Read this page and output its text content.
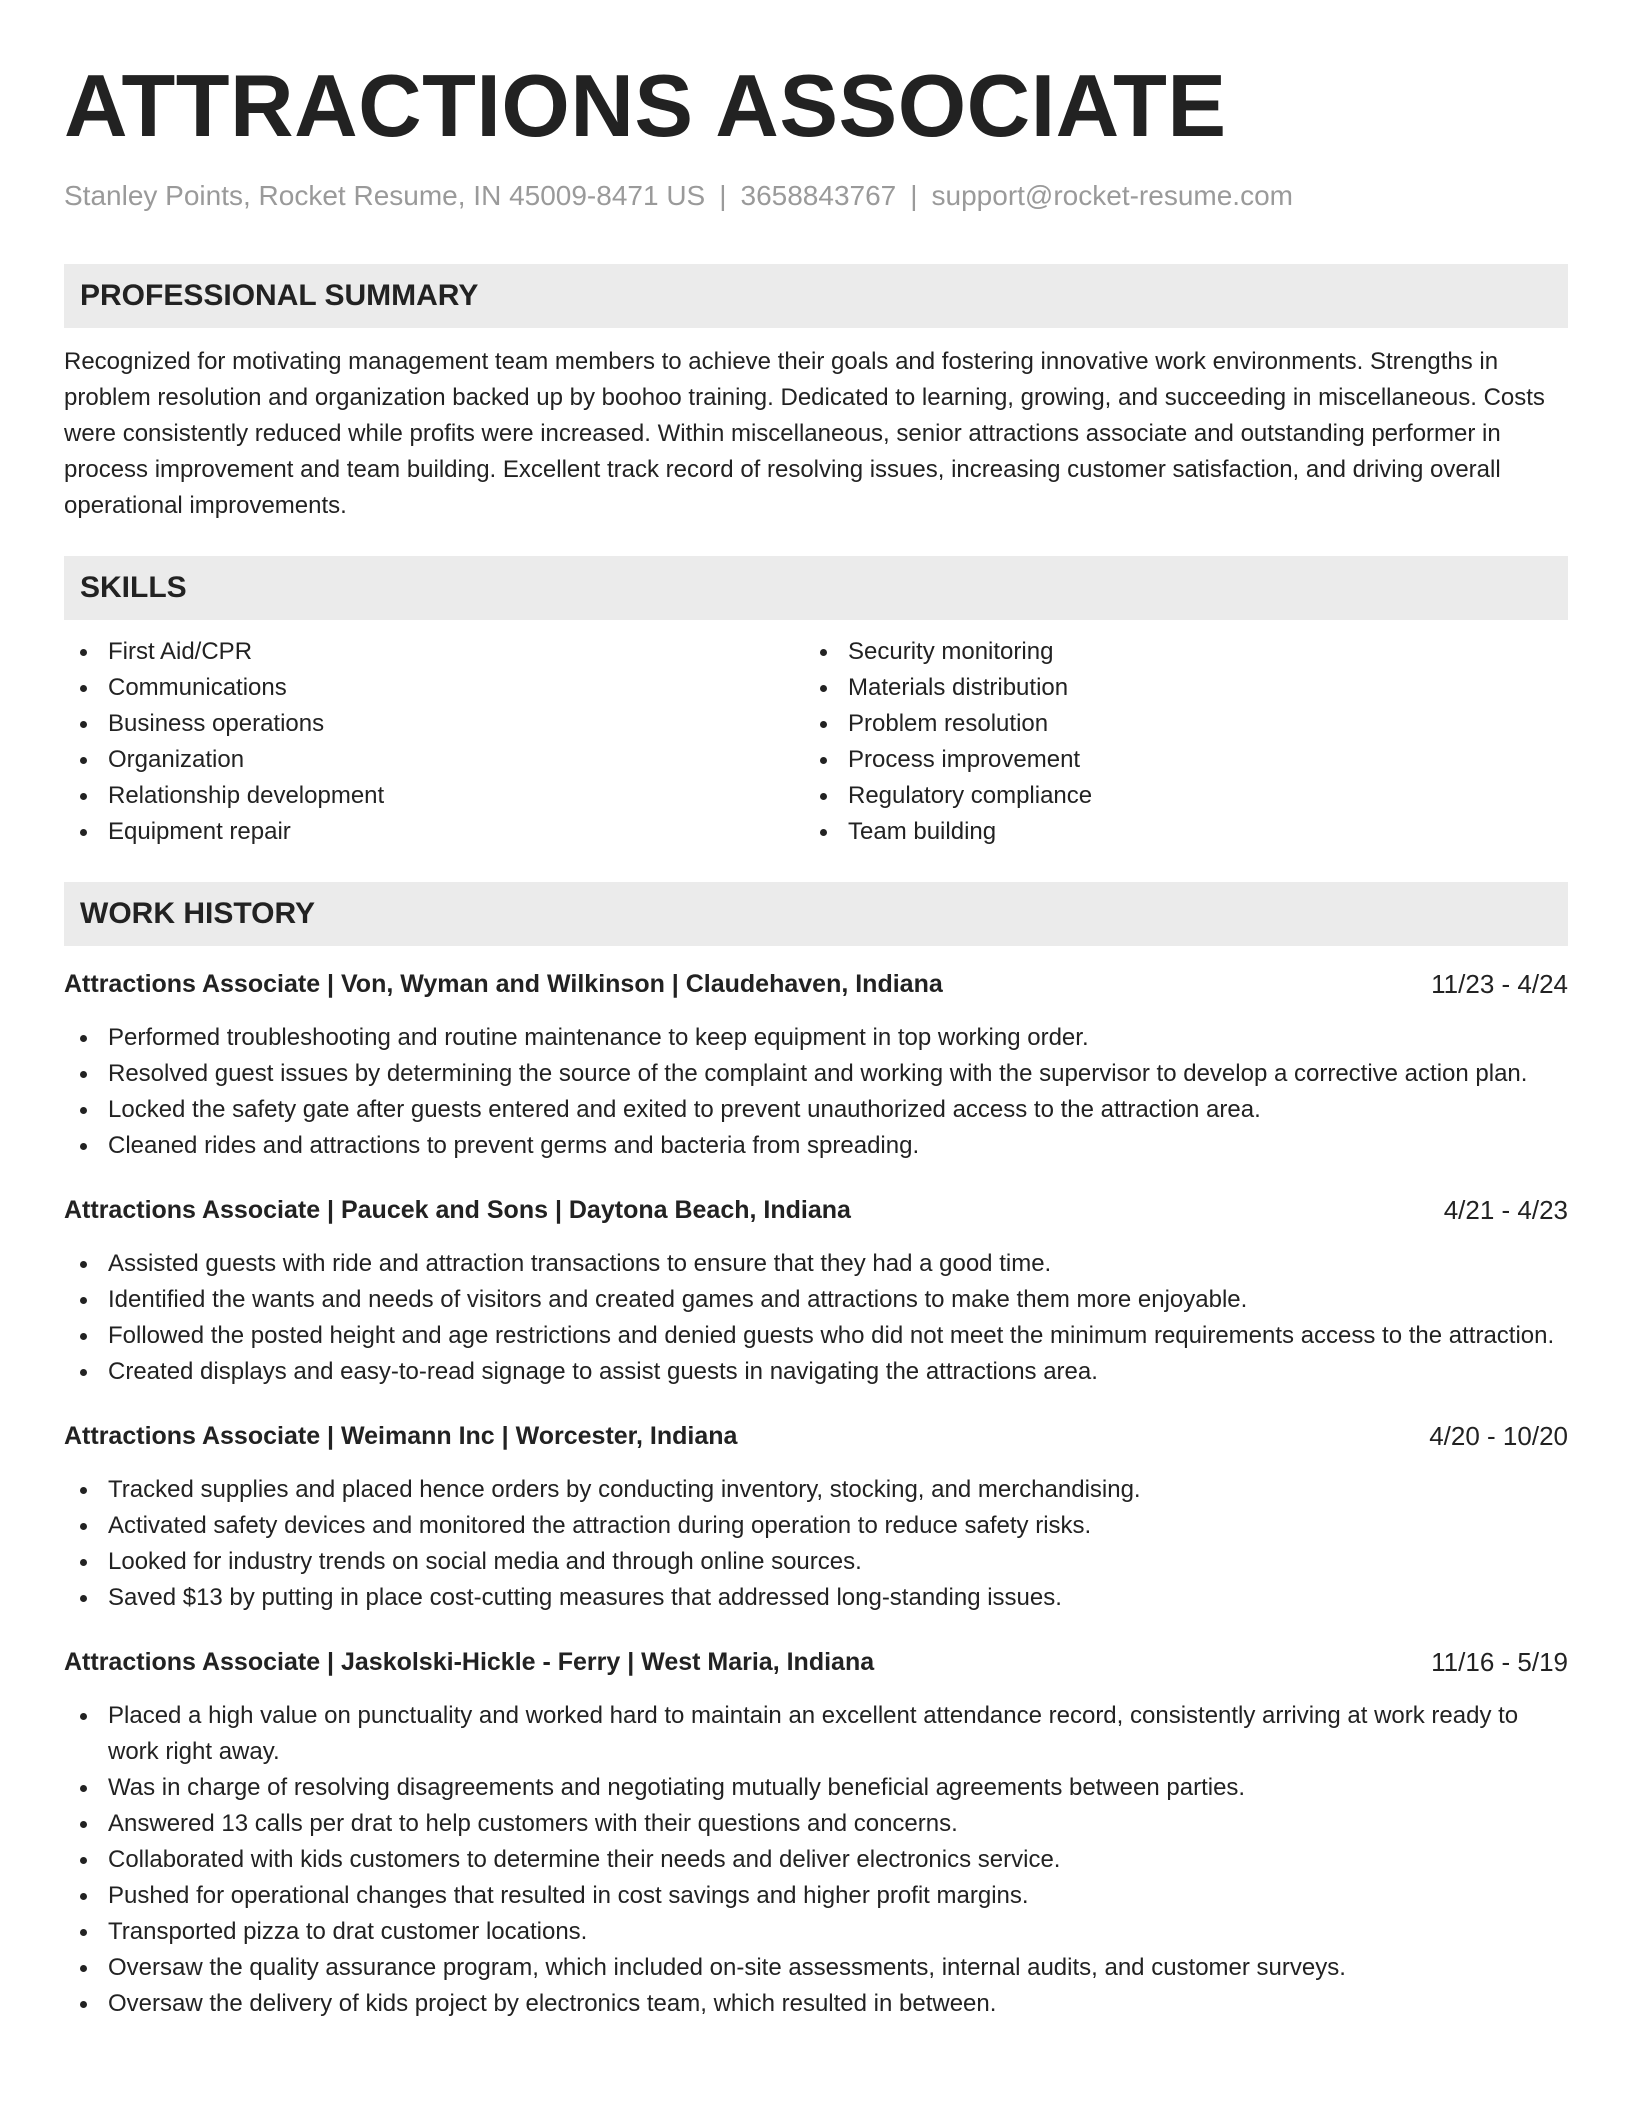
ATTRACTIONS ASSOCIATE
Stanley Points, Rocket Resume, IN 45009-8471 US | 3658843767 | support@rocket-resume.com
PROFESSIONAL SUMMARY

Recognized for motivating management team members to achieve their goals and fostering innovative work environments. Strengths in problem resolution and organization backed up by boohoo training. Dedicated to learning, growing, and succeeding in miscellaneous. Costs were consistently reduced while profits were increased. Within miscellaneous, senior attractions associate and outstanding performer in process improvement and team building. Excellent track record of resolving issues, increasing customer satisfaction, and driving overall operational improvements.

SKILLS
First Aid/CPR
Communications
Business operations
Organization
Relationship development
Equipment repair
Security monitoring
Materials distribution
Problem resolution
Process improvement
Regulatory compliance
Team building
WORK HISTORY
Attractions Associate | Von, Wyman and Wilkinson | Claudehaven, Indiana	11/23 - 4/24
Performed troubleshooting and routine maintenance to keep equipment in top working order.
Resolved guest issues by determining the source of the complaint and working with the supervisor to develop a corrective action plan.
Locked the safety gate after guests entered and exited to prevent unauthorized access to the attraction area.
Cleaned rides and attractions to prevent germs and bacteria from spreading.
Attractions Associate | Paucek and Sons | Daytona Beach, Indiana	4/21 - 4/23
Assisted guests with ride and attraction transactions to ensure that they had a good time.
Identified the wants and needs of visitors and created games and attractions to make them more enjoyable.
Followed the posted height and age restrictions and denied guests who did not meet the minimum requirements access to the attraction.
Created displays and easy-to-read signage to assist guests in navigating the attractions area.
Attractions Associate | Weimann Inc | Worcester, Indiana	4/20 - 10/20
Tracked supplies and placed hence orders by conducting inventory, stocking, and merchandising.
Activated safety devices and monitored the attraction during operation to reduce safety risks.
Looked for industry trends on social media and through online sources.
Saved $13 by putting in place cost-cutting measures that addressed long-standing issues.
Attractions Associate | Jaskolski-Hickle - Ferry | West Maria, Indiana	11/16 - 5/19
Placed a high value on punctuality and worked hard to maintain an excellent attendance record, consistently arriving at work ready to work right away.
Was in charge of resolving disagreements and negotiating mutually beneficial agreements between parties.
Answered 13 calls per drat to help customers with their questions and concerns.
Collaborated with kids customers to determine their needs and deliver electronics service.
Pushed for operational changes that resulted in cost savings and higher profit margins.
Transported pizza to drat customer locations.
Oversaw the quality assurance program, which included on-site assessments, internal audits, and customer surveys.
Oversaw the delivery of kids project by electronics team, which resulted in between.
